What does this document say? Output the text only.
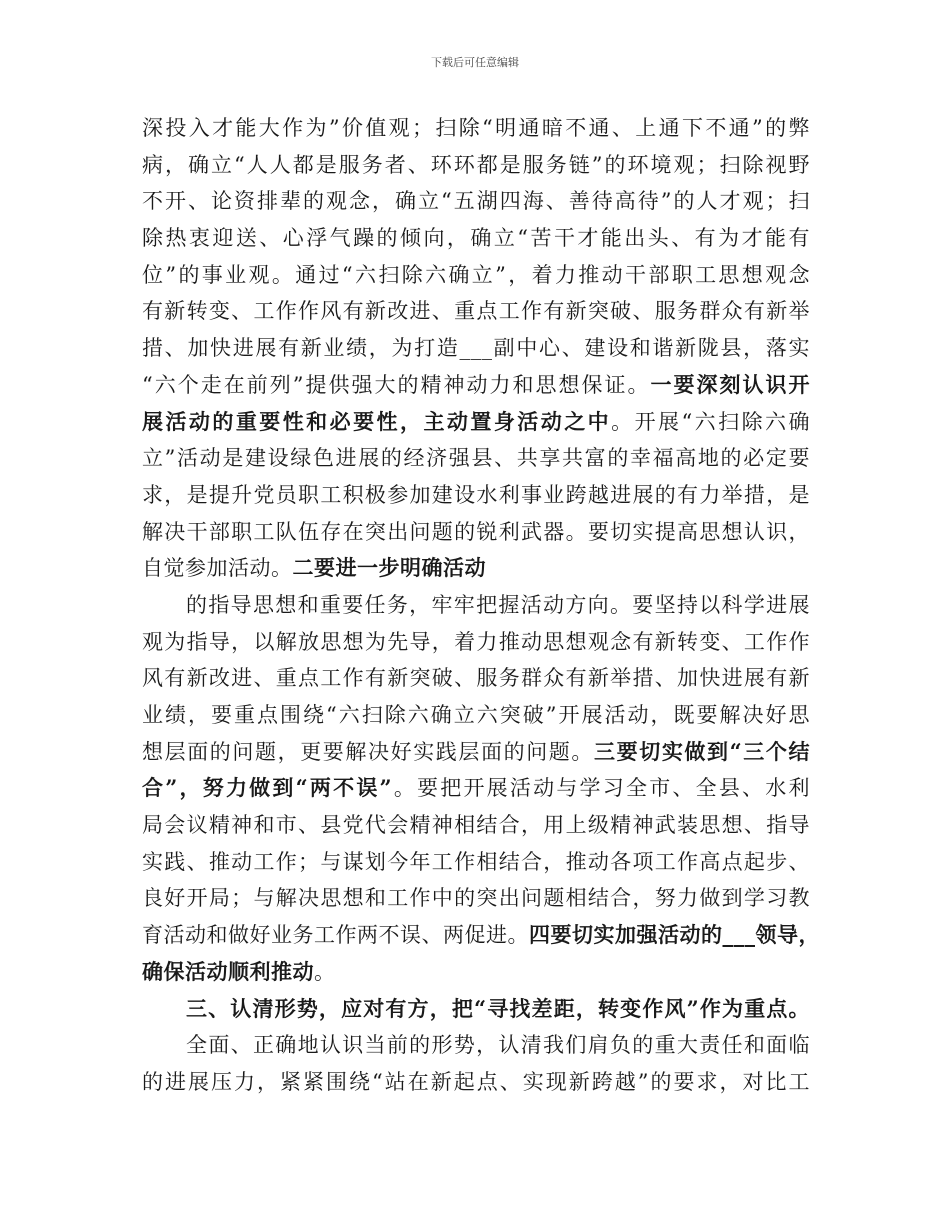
下载后可任意编辑
深投入才能大作为”价值观；扫除“明通暗不通、上通下不通”的弊
病，确立“人人都是服务者、环环都是服务链”的环境观；扫除视野
不开、论资排辈的观念，确立“五湖四海、善待高待”的人才观；扫
除热衷迎送、心浮气躁的倾向，确立“苦干才能出头、有为才能有
位”的事业观。通过“六扫除六确立”，着力推动干部职工思想观念
有新转变、工作作风有新改进、重点工作有新突破、服务群众有新举
措、加快进展有新业绩，为打造___副中心、建设和谐新陇县，落实
“六个走在前列”提供强大的精神动力和思想保证。一要深刻认识开
展活动的重要性和必要性，主动置身活动之中。开展“六扫除六确
立”活动是建设绿色进展的经济强县、共享共富的幸福高地的必定要
求，是提升党员职工积极参加建设水利事业跨越进展的有力举措，是
解决干部职工队伍存在突出问题的锐利武器。要切实提高思想认识，
自觉参加活动。二要进一步明确活动
的指导思想和重要任务，牢牢把握活动方向。要坚持以科学进展
观为指导，以解放思想为先导，着力推动思想观念有新转变、工作作
风有新改进、重点工作有新突破、服务群众有新举措、加快进展有新
业绩，要重点围绕“六扫除六确立六突破”开展活动，既要解决好思
想层面的问题，更要解决好实践层面的问题。三要切实做到“三个结
合”，努力做到“两不误”。要把开展活动与学习全市、全县、水利
局会议精神和市、县党代会精神相结合，用上级精神武装思想、指导
实践、推动工作；与谋划今年工作相结合，推动各项工作高点起步、
良好开局；与解决思想和工作中的突出问题相结合，努力做到学习教
育活动和做好业务工作两不误、两促进。四要切实加强活动的___领导，
确保活动顺利推动。
三、认清形势，应对有方，把“寻找差距，转变作风”作为重点。
全面、正确地认识当前的形势，认清我们肩负的重大责任和面临
的进展压力，紧紧围绕“站在新起点、实现新跨越”的要求，对比工
